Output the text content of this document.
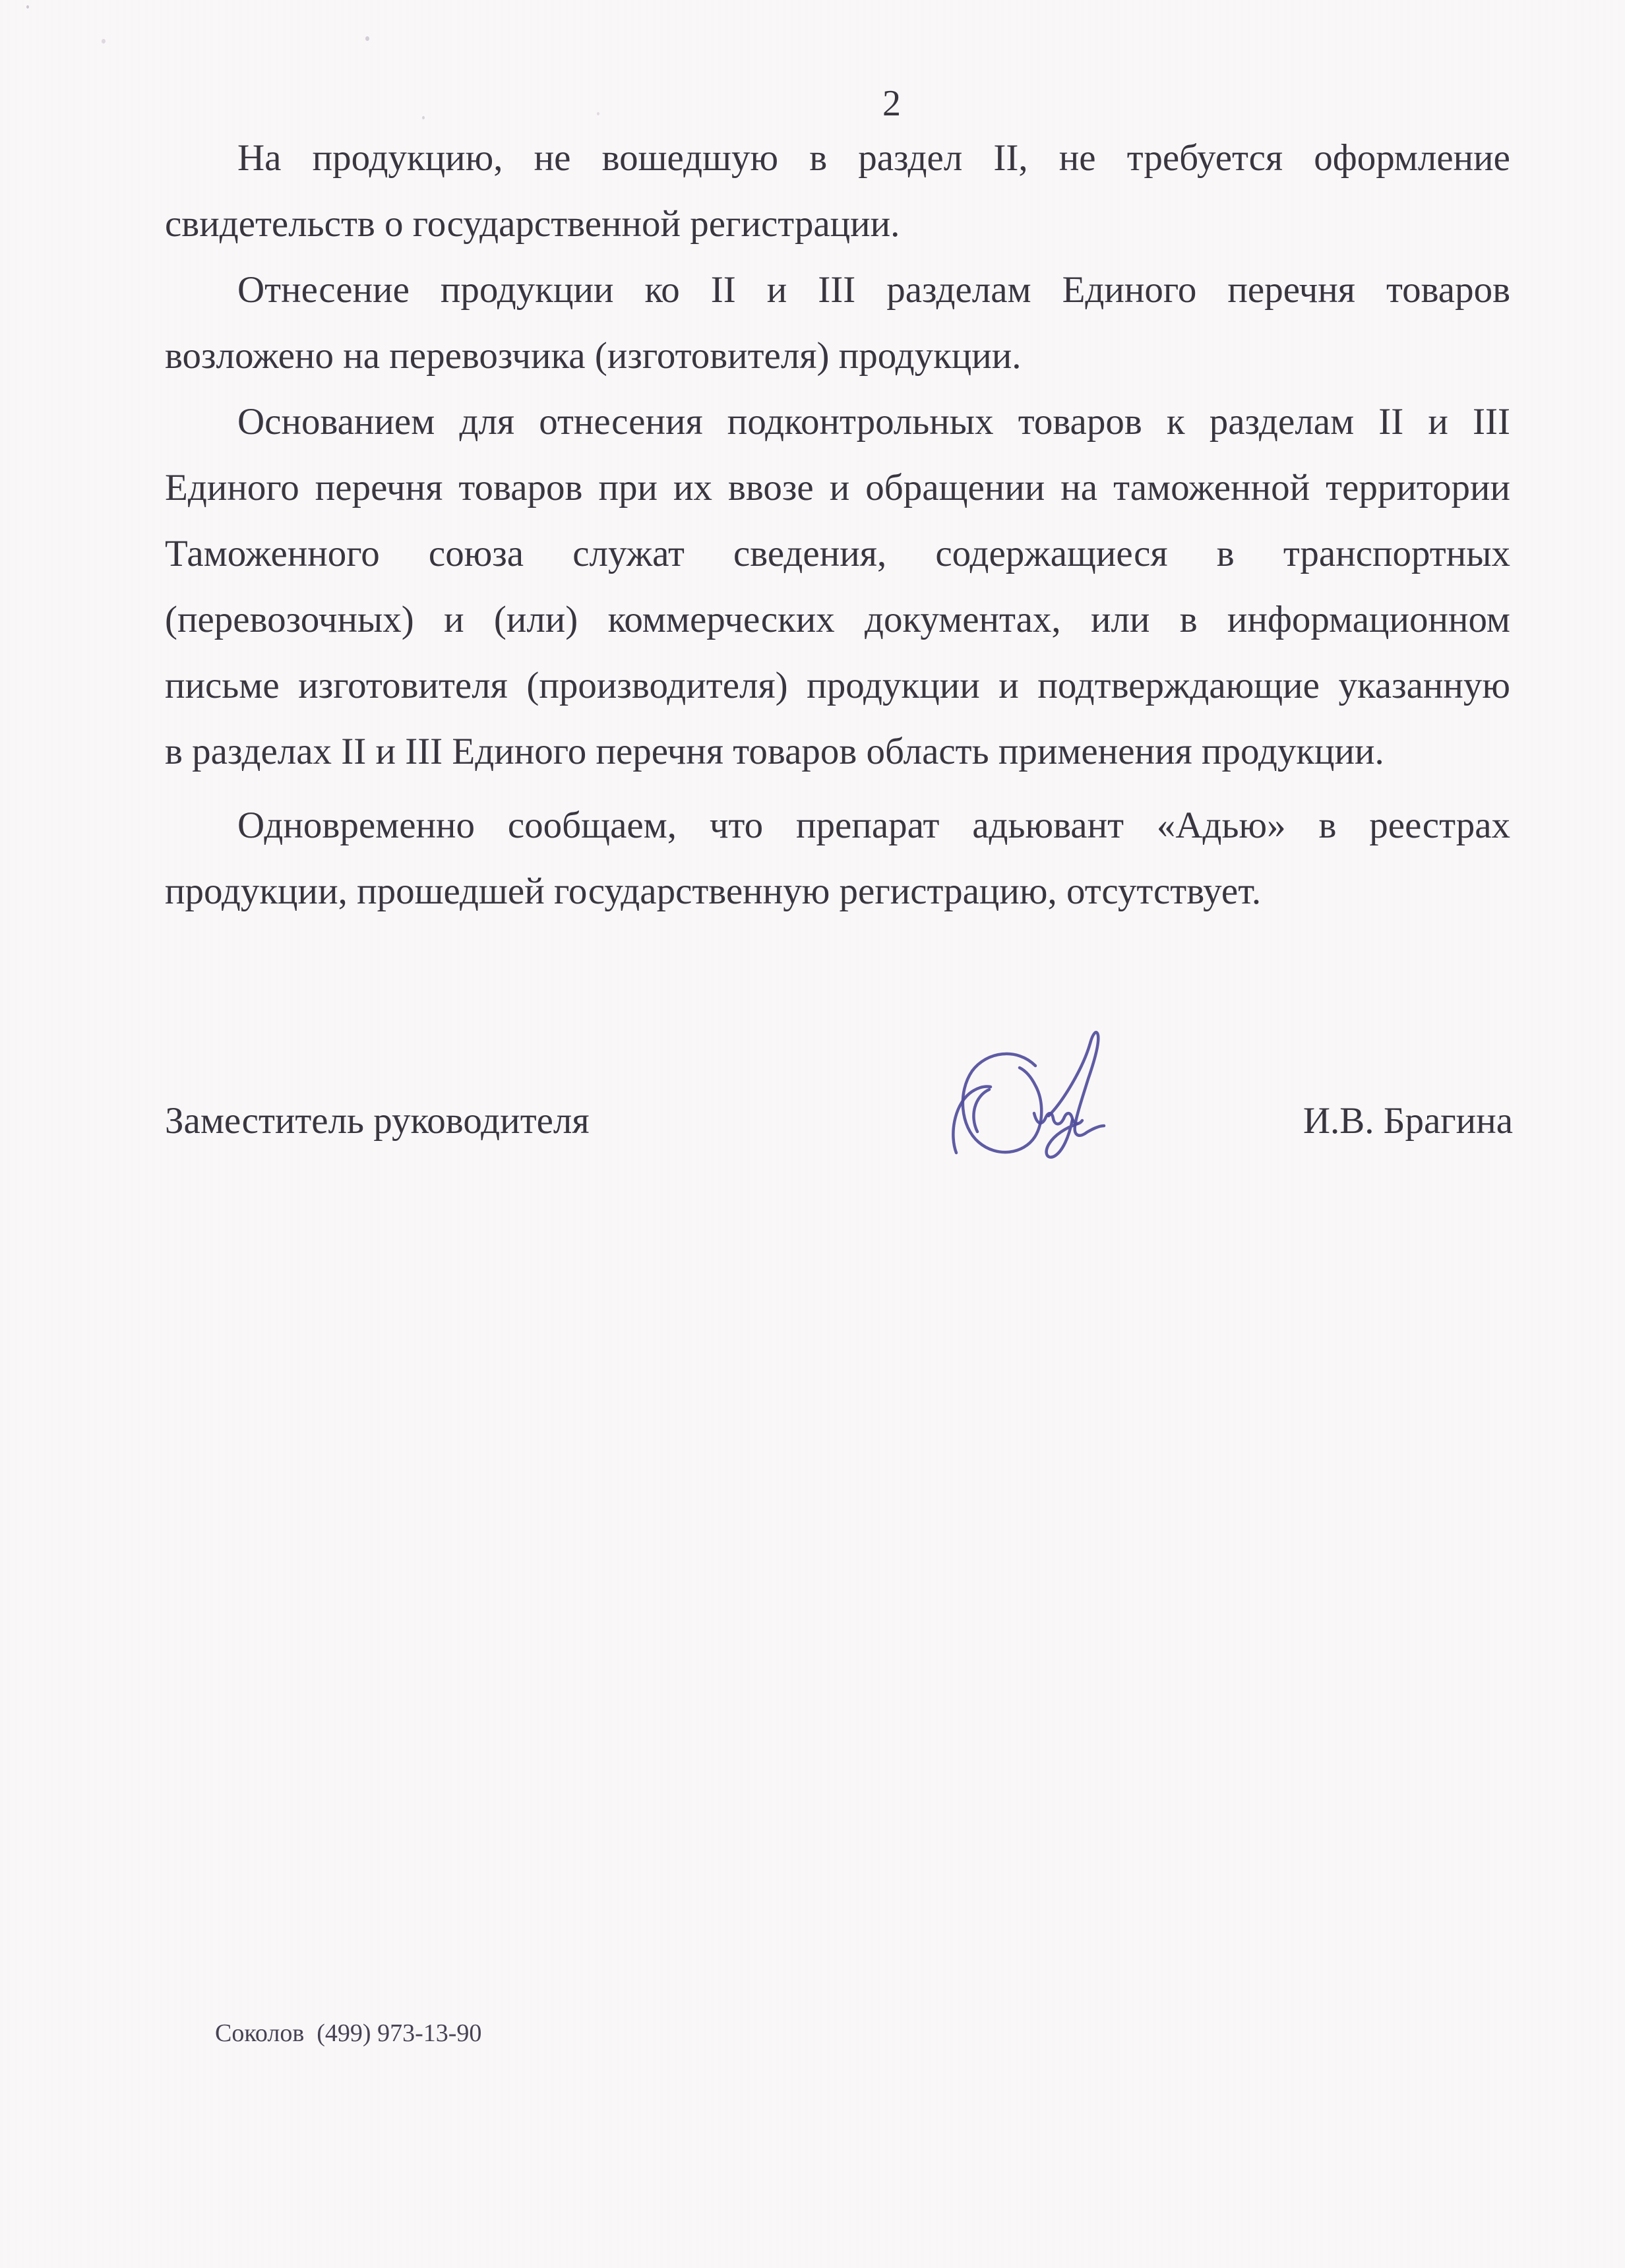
2

На продукцию, не вошедшую в раздел II, не требуется оформление
свидетельств о государственной регистрации.

Отнесение продукции ко II и III разделам Единого перечня товаров
возложено на перевозчика (изготовителя) продукции.

Основанием для отнесения подконтрольных товаров к разделам II и III
Единого перечня товаров при их ввозе и обращении на таможенной территории
Таможенного союза служат сведения, содержащиеся в транспортных
(перевозочных) и (или) коммерческих документах, или в информационном
письме изготовителя (производителя) продукции и подтверждающие указанную
в разделах II и III Единого перечня товаров область применения продукции.

Одновременно сообщаем, что препарат адьювант «Адью» в реестрах
продукции, прошедшей государственную регистрацию, отсутствует.

Заместитель руководителя	И.В. Брагина
Соколов  (499) 973-13-90
